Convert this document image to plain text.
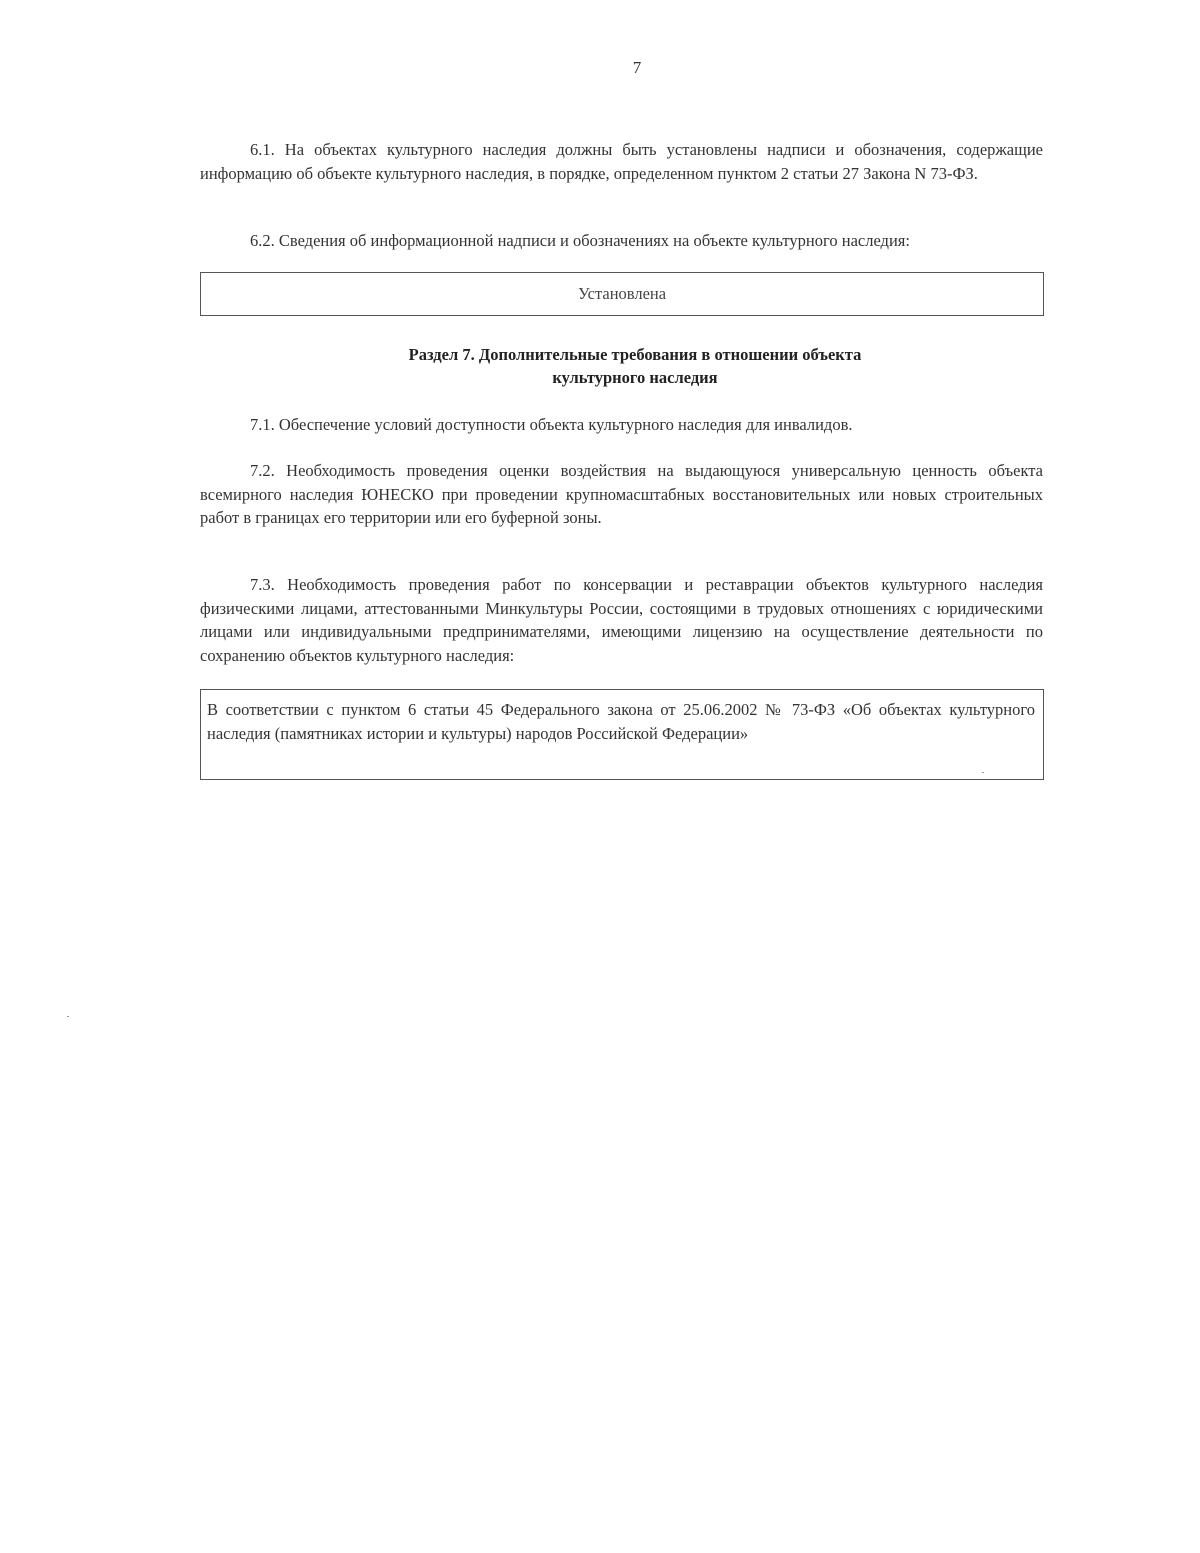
7
6.1. На объектах культурного наследия должны быть установлены надписи и обозначения, содержащие информацию об объекте культурного наследия, в порядке, определенном пунктом 2 статьи 27 Закона N 73-ФЗ.
6.2. Сведения об информационной надписи и обозначениях на объекте культурного наследия:
Установлена
Раздел 7. Дополнительные требования в отношении объекта
культурного наследия
7.1. Обеспечение условий доступности объекта культурного наследия для инвалидов.
7.2. Необходимость проведения оценки воздействия на выдающуюся универсальную ценность объекта всемирного наследия ЮНЕСКО при проведении крупномасштабных восстановительных или новых строительных работ в границах его территории или его буферной зоны.
7.3. Необходимость проведения работ по консервации и реставрации объектов культурного наследия физическими лицами, аттестованными Минкультуры России, состоящими в трудовых отношениях с юридическими лицами или индивидуальными предпринимателями, имеющими лицензию на осуществление деятельности по сохранению объектов культурного наследия:
В соответствии с пунктом 6 статьи 45 Федерального закона от 25.06.2002 № 73-ФЗ «Об объектах культурного наследия (памятниках истории и культуры) народов Российской Федерации»
